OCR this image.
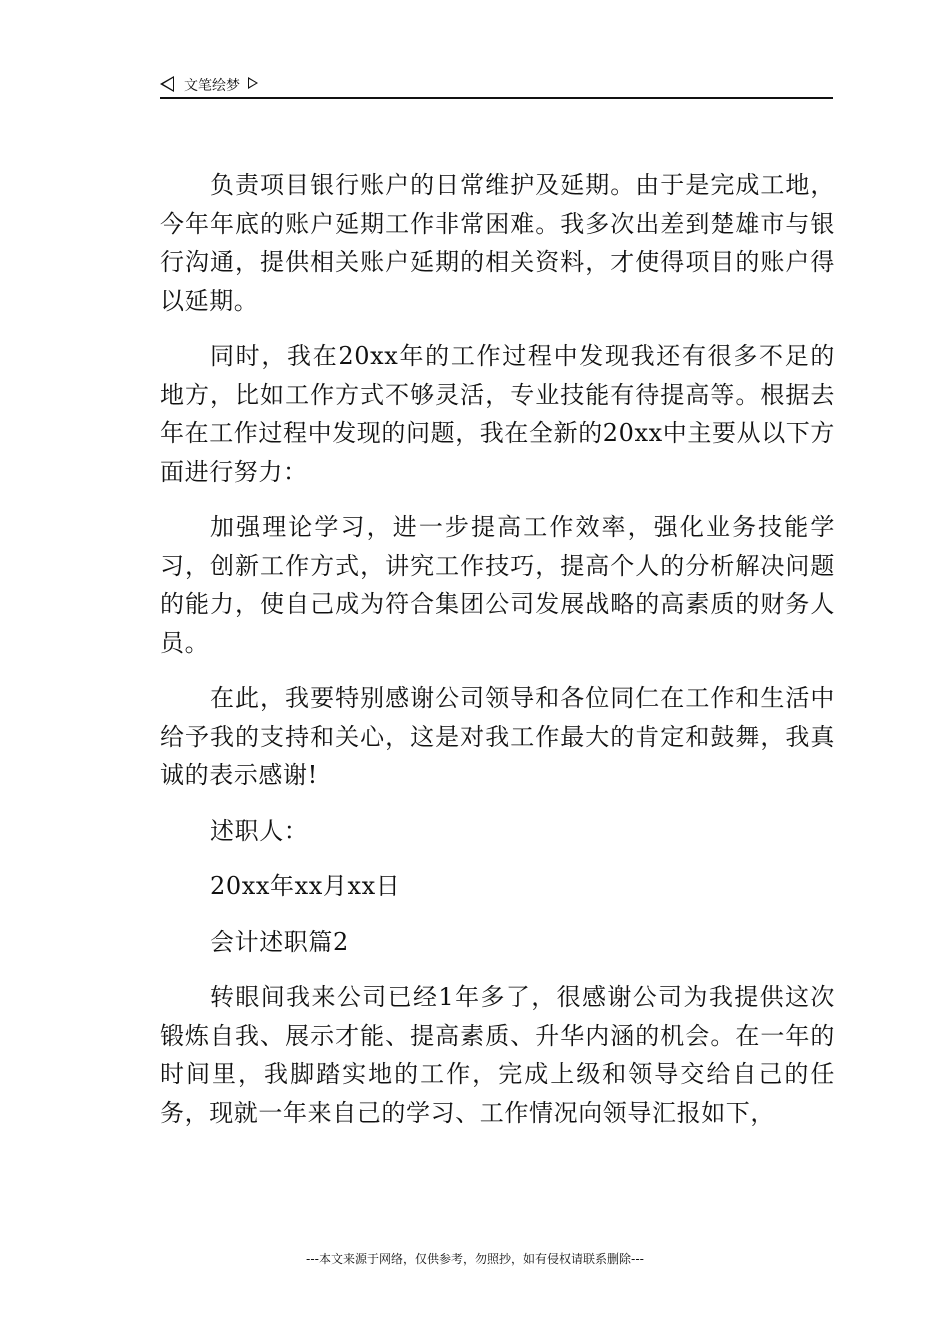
文笔绘梦

负责项目银行账户的日常维护及延期。由于是完成工地，今年年底的账户延期工作非常困难。我多次出差到楚雄市与银行沟通，提供相关账户延期的相关资料，才使得项目的账户得以延期。

同时，我在20xx年的工作过程中发现我还有很多不足的地方，比如工作方式不够灵活，专业技能有待提高等。根据去年在工作过程中发现的问题，我在全新的20xx中主要从以下方面进行努力：

加强理论学习，进一步提高工作效率，强化业务技能学习，创新工作方式，讲究工作技巧，提高个人的分析解决问题的能力，使自己成为符合集团公司发展战略的高素质的财务人员。

在此，我要特别感谢公司领导和各位同仁在工作和生活中给予我的支持和关心，这是对我工作最大的肯定和鼓舞，我真诚的表示感谢!

述职人：

20xx年xx月xx日

会计述职篇2

转眼间我来公司已经1年多了，很感谢公司为我提供这次锻炼自我、展示才能、提高素质、升华内涵的机会。在一年的时间里，我脚踏实地的工作，完成上级和领导交给自己的任务，现就一年来自己的学习、工作情况向领导汇报如下，

---本文来源于网络，仅供参考，勿照抄，如有侵权请联系删除---
